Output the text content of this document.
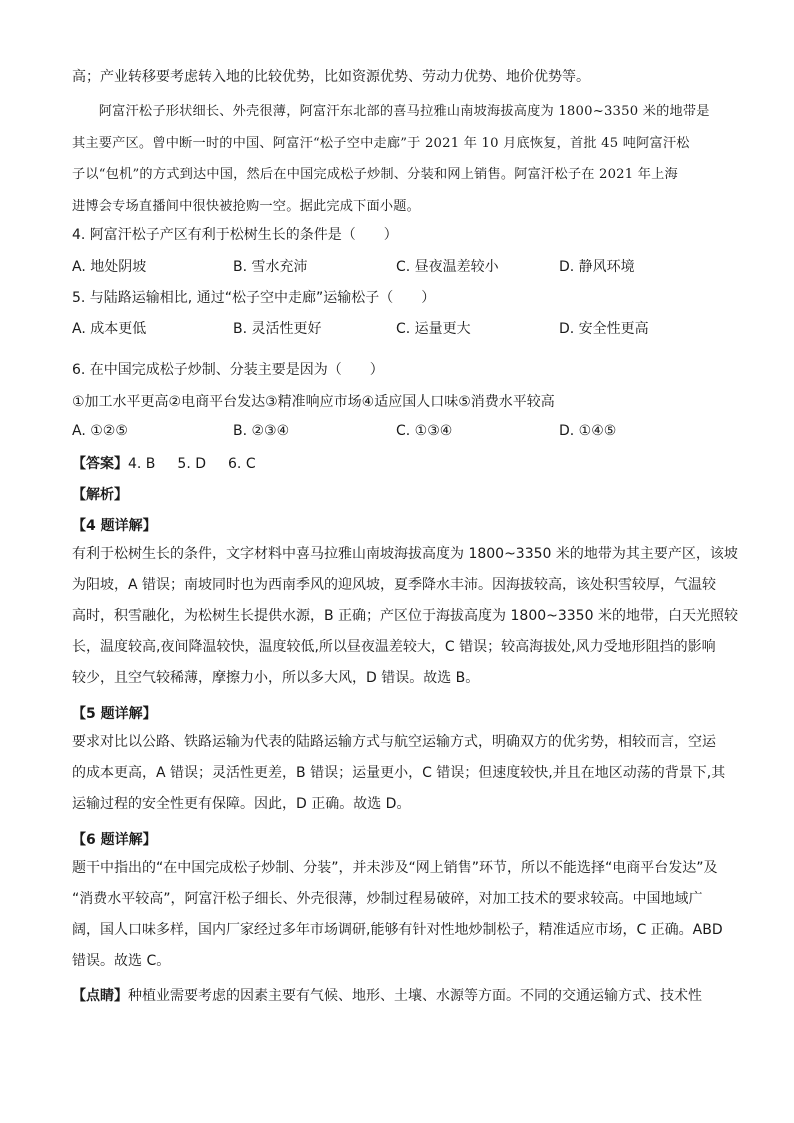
高；产业转移要考虑转入地的比较优势，比如资源优势、劳动力优势、地价优势等。
　　阿富汗松子形状细长、外壳很薄，阿富汗东北部的喜马拉雅山南坡海拔高度为 1800~3350 米的地带是
其主要产区。曾中断一时的中国、阿富汗“松子空中走廊”于 2021 年 10 月底恢复，首批 45 吨阿富汗松
子以“包机”的方式到达中国，然后在中国完成松子炒制、分装和网上销售。阿富汗松子在 2021 年上海
进博会专场直播间中很快被抢购一空。据此完成下面小题。
4. 阿富汗松子产区有利于松树生长的条件是（　　）
A. 地处阴坡	B. 雪水充沛	C. 昼夜温差较小	D. 静风环境
5. 与陆路运输相比, 通过“松子空中走廊”运输松子（　　）
A. 成本更低	B. 灵活性更好	C. 运量更大	D. 安全性更高
6. 在中国完成松子炒制、分装主要是因为（　　）
①加工水平更高②电商平台发达③精准响应市场④适应国人口味⑤消费水平较高
A. ①②⑤	B. ②③④	C. ①③④	D. ①④⑤
【答案】4. B 5. D 6. C
【解析】
【4 题详解】
有利于松树生长的条件，文字材料中喜马拉雅山南坡海拔高度为 1800~3350 米的地带为其主要产区，该坡
为阳坡，A 错误；南坡同时也为西南季风的迎风坡，夏季降水丰沛。因海拔较高，该处积雪较厚，气温较
高时，积雪融化，为松树生长提供水源，B 正确；产区位于海拔高度为 1800~3350 米的地带，白天光照较
长，温度较高,夜间降温较快，温度较低,所以昼夜温差较大，C 错误；较高海拔处,风力受地形阻挡的影响
较少，且空气较稀薄，摩擦力小，所以多大风，D 错误。故选 B。
【5 题详解】
要求对比以公路、铁路运输为代表的陆路运输方式与航空运输方式，明确双方的优劣势，相较而言，空运
的成本更高，A 错误；灵活性更差，B 错误；运量更小，C 错误；但速度较快,并且在地区动荡的背景下,其
运输过程的安全性更有保障。因此，D 正确。故选 D。
【6 题详解】
题干中指出的“在中国完成松子炒制、分装”，并未涉及“网上销售”环节，所以不能选择“电商平台发达”及
“消费水平较高”，阿富汗松子细长、外壳很薄，炒制过程易破碎，对加工技术的要求较高。中国地域广
阔，国人口味多样，国内厂家经过多年市场调研,能够有针对性地炒制松子，精准适应市场，C 正确。ABD
错误。故选 C。
【点睛】种植业需要考虑的因素主要有气候、地形、土壤、水源等方面。不同的交通运输方式、技术性
